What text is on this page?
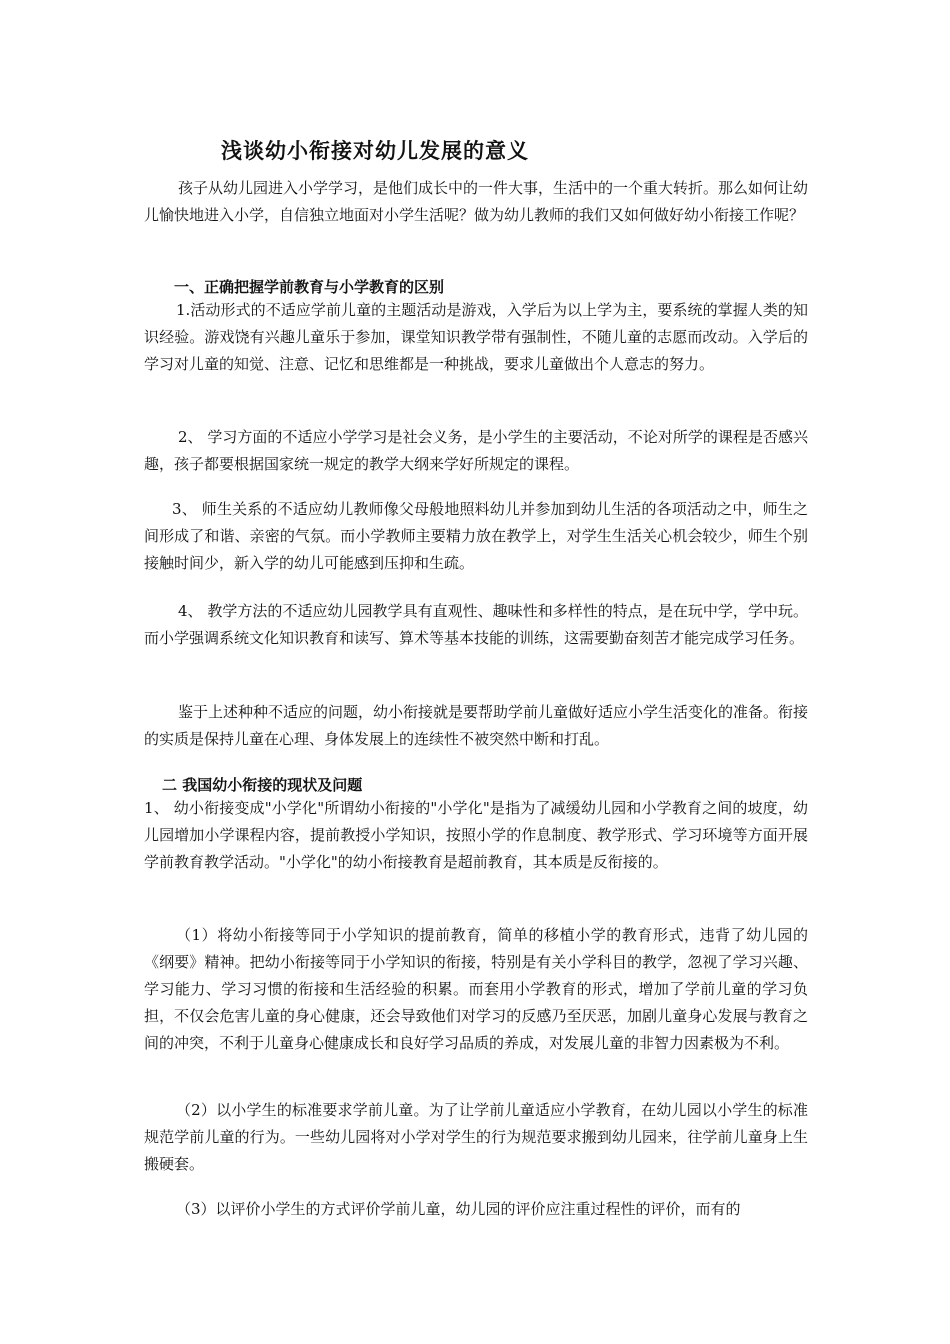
浅谈幼小衔接对幼儿发展的意义

孩子从幼儿园进入小学学习，是他们成长中的一件大事，生活中的一个重大转折。那么如何让幼儿愉快地进入小学，自信独立地面对小学生活呢？做为幼儿教师的我们又如何做好幼小衔接工作呢？

一、正确把握学前教育与小学教育的区别

1.活动形式的不适应学前儿童的主题活动是游戏，入学后为以上学为主，要系统的掌握人类的知识经验。游戏饶有兴趣儿童乐于参加，课堂知识教学带有强制性，不随儿童的志愿而改动。入学后的学习对儿童的知觉、注意、记忆和思维都是一种挑战，要求儿童做出个人意志的努力。

2、 学习方面的不适应小学学习是社会义务，是小学生的主要活动，不论对所学的课程是否感兴趣，孩子都要根据国家统一规定的教学大纲来学好所规定的课程。

3、 师生关系的不适应幼儿教师像父母般地照料幼儿并参加到幼儿生活的各项活动之中，师生之间形成了和谐、亲密的气氛。而小学教师主要精力放在教学上，对学生生活关心机会较少，师生个别接触时间少，新入学的幼儿可能感到压抑和生疏。

4、 教学方法的不适应幼儿园教学具有直观性、趣味性和多样性的特点，是在玩中学，学中玩。而小学强调系统文化知识教育和读写、算术等基本技能的训练，这需要勤奋刻苦才能完成学习任务。

鉴于上述种种不适应的问题，幼小衔接就是要帮助学前儿童做好适应小学生活变化的准备。衔接的实质是保持儿童在心理、身体发展上的连续性不被突然中断和打乱。

二 我国幼小衔接的现状及问题

1、 幼小衔接变成"小学化"所谓幼小衔接的"小学化"是指为了减缓幼儿园和小学教育之间的坡度，幼儿园增加小学课程内容，提前教授小学知识，按照小学的作息制度、教学形式、学习环境等方面开展学前教育教学活动。"小学化"的幼小衔接教育是超前教育，其本质是反衔接的。

（1）将幼小衔接等同于小学知识的提前教育，简单的移植小学的教育形式，违背了幼儿园的《纲要》精神。把幼小衔接等同于小学知识的衔接，特别是有关小学科目的教学，忽视了学习兴趣、学习能力、学习习惯的衔接和生活经验的积累。而套用小学教育的形式，增加了学前儿童的学习负担，不仅会危害儿童的身心健康，还会导致他们对学习的反感乃至厌恶，加剧儿童身心发展与教育之间的冲突，不利于儿童身心健康成长和良好学习品质的养成，对发展儿童的非智力因素极为不利。

（2）以小学生的标准要求学前儿童。为了让学前儿童适应小学教育，在幼儿园以小学生的标准规范学前儿童的行为。一些幼儿园将对小学对学生的行为规范要求搬到幼儿园来，往学前儿童身上生搬硬套。

（3）以评价小学生的方式评价学前儿童，幼儿园的评价应注重过程性的评价，而有的
